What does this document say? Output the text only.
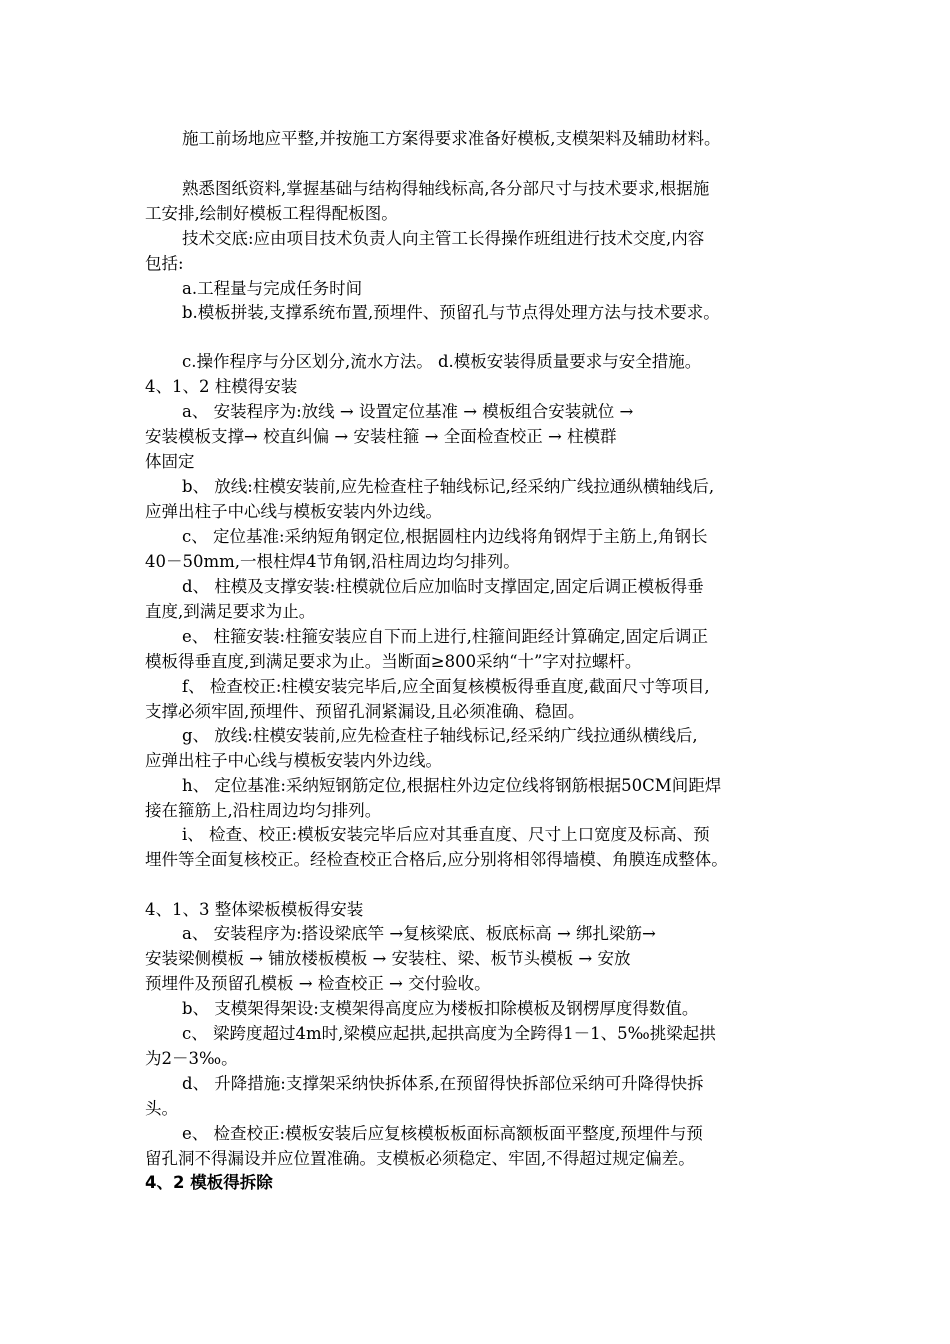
施工前场地应平整,并按施工方案得要求准备好模板,支模架料及辅助材料。
熟悉图纸资料,掌握基础与结构得轴线标高,各分部尺寸与技术要求,根据施
工安排,绘制好模板工程得配板图。
技术交底:应由项目技术负责人向主管工长得操作班组进行技术交度,内容
包括:
a.工程量与完成任务时间
b.模板拼装,支撑系统布置,预埋件、预留孔与节点得处理方法与技术要求。
c.操作程序与分区划分,流水方法。 d.模板安装得质量要求与安全措施。
4、1、2 柱模得安装
a、 安装程序为:放线 → 设置定位基准 → 模板组合安装就位 →
安装模板支撑→ 校直纠偏 → 安装柱箍 → 全面检查校正 → 柱模群
体固定
b、 放线:柱模安装前,应先检查柱子轴线标记,经采纳广线拉通纵横轴线后,
应弹出柱子中心线与模板安装内外边线。
c、 定位基准:采纳短角钢定位,根据圆柱内边线将角钢焊于主筋上,角钢长
40－50mm,一根柱焊4节角钢,沿柱周边均匀排列。
d、 柱模及支撑安装:柱模就位后应加临时支撑固定,固定后调正模板得垂
直度,到满足要求为止。
e、 柱箍安装:柱箍安装应自下而上进行,柱箍间距经计算确定,固定后调正
模板得垂直度,到满足要求为止。当断面≥800采纳“十”字对拉螺杆。
f、 检查校正:柱模安装完毕后,应全面复核模板得垂直度,截面尺寸等项目,
支撑必须牢固,预埋件、预留孔洞紧漏设,且必须准确、稳固。
g、 放线:柱模安装前,应先检查柱子轴线标记,经采纳广线拉通纵横线后,
应弹出柱子中心线与模板安装内外边线。
h、 定位基准:采纳短钢筋定位,根据柱外边定位线将钢筋根据50CM间距焊
接在箍筋上,沿柱周边均匀排列。
i、 检查、校正:模板安装完毕后应对其垂直度、尺寸上口宽度及标高、预
埋件等全面复核校正。经检查校正合格后,应分别将相邻得墙模、角膜连成整体。
4、1、3 整体梁板模板得安装
a、 安装程序为:搭设梁底竿 →复核梁底、板底标高 → 绑扎梁筋→
安装梁侧模板 → 铺放楼板模板 → 安装柱、梁、板节头模板 → 安放
预埋件及预留孔模板 → 检查校正 → 交付验收。
b、 支模架得架设:支模架得高度应为楼板扣除模板及钢楞厚度得数值。
c、 梁跨度超过4m时,梁模应起拱,起拱高度为全跨得1－1、5‰挑梁起拱
为2－3‰。
d、 升降措施:支撑架采纳快拆体系,在预留得快拆部位采纳可升降得快拆
头。
e、 检查校正:模板安装后应复核模板板面标高额板面平整度,预埋件与预
留孔洞不得漏设并应位置准确。支模板必须稳定、牢固,不得超过规定偏差。
4、2 模板得拆除
